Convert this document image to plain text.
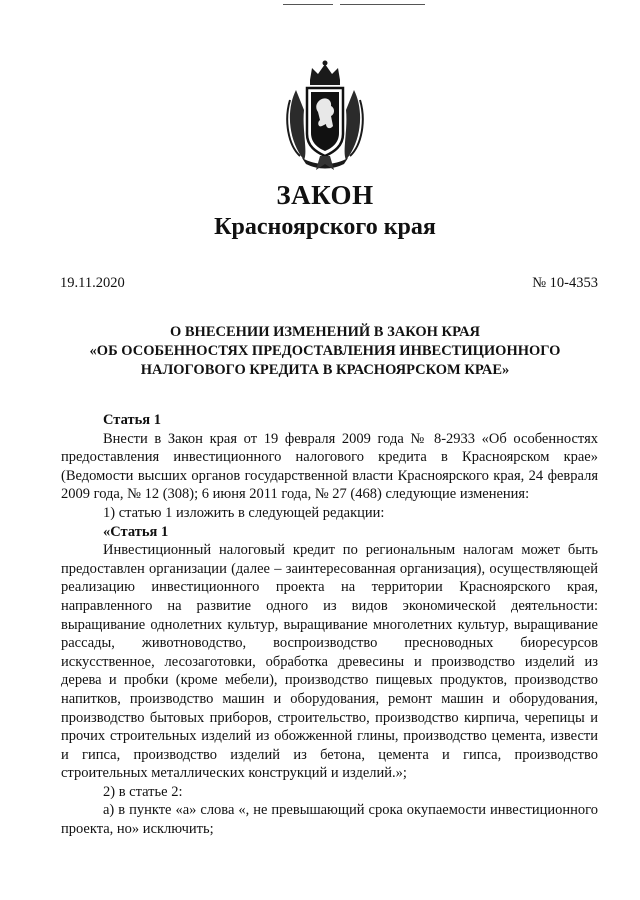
ЗАКОН
Красноярского края
19.11.2020	№ 10-4353
О ВНЕСЕНИИ ИЗМЕНЕНИЙ В ЗАКОН КРАЯ
«ОБ ОСОБЕННОСТЯХ ПРЕДОСТАВЛЕНИЯ ИНВЕСТИЦИОННОГО
НАЛОГОВОГО КРЕДИТА В КРАСНОЯРСКОМ КРАЕ»

Статья 1

Внести в Закон края от 19 февраля 2009 года № 8-2933 «Об особенностях предоставления инвестиционного налогового кредита в Красноярском крае» (Ведомости высших органов государственной власти Красноярского края, 24 февраля 2009 года, № 12 (308); 6 июня 2011 года, № 27 (468) следующие изменения:

1) статью 1 изложить в следующей редакции:

«Статья 1

Инвестиционный налоговый кредит по региональным налогам может быть предоставлен организации (далее – заинтересованная организация), осуществляющей реализацию инвестиционного проекта на территории Красноярского края, направленного на развитие одного из видов экономической деятельности: выращивание однолетних культур, выращивание многолетних культур, выращивание рассады, животноводство, воспроизводство пресноводных биоресурсов искусственное, лесозаготовки, обработка древесины и производство изделий из дерева и пробки (кроме мебели), производство пищевых продуктов, производство напитков, производство машин и оборудования, ремонт машин и оборудования, производство бытовых приборов, строительство, производство кирпича, черепицы и прочих строительных изделий из обожженной глины, производство цемента, извести и гипса, производство изделий из бетона, цемента и гипса, производство строительных металлических конструкций и изделий.»;

2) в статье 2:

а) в пункте «а» слова «, не превышающий срока окупаемости инвестиционного проекта, но» исключить;
